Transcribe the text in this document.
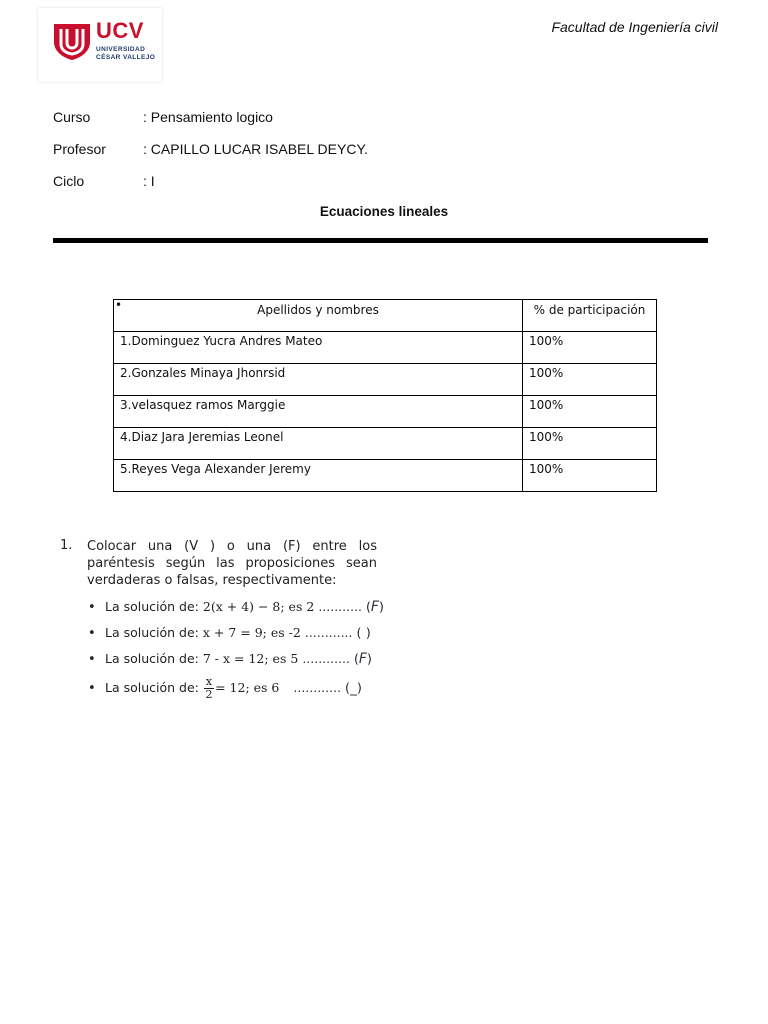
UCV
UNIVERSIDAD
CÉSAR VALLEJO
Facultad de Ingeniería civil
Curso	: Pensamiento logico
Profesor	: CAPILLO LUCAR ISABEL DEYCY.
Ciclo	: I
Ecuaciones lineales
• Apellidos y nombres	% de participación
1.Dominguez Yucra Andres Mateo	100%
2.Gonzales Minaya Jhonrsid	100%
3.velasquez ramos Marggie	100%
4.Diaz Jara Jeremias Leonel	100%
5.Reyes Vega Alexander Jeremy	100%
1. Colocar una (V ) o una (F) entre los paréntesis según las proposiciones sean verdaderas o falsas, respectivamente:
• La solución de: 2(x + 4) − 8; es 2 ........... (F)
• La solución de: x + 7 = 9; es -2 ............ ( )
• La solución de: 7 - x = 12; es 5 ............ (F)
• La solución de: $\frac{x}{2} = 12$; es 6 ............ (_)
